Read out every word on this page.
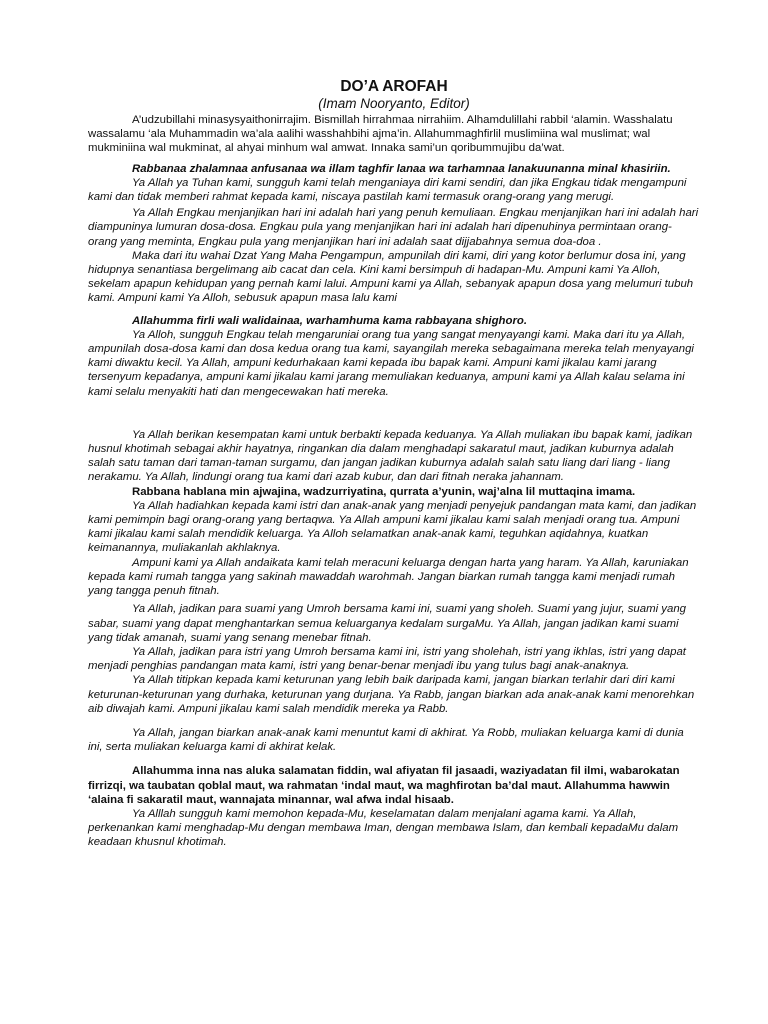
DO’A AROFAH

(Imam Nooryanto, Editor)

A’udzubillahi minasysyaithonirrajim. Bismillah hirrahmaa nirrahiim. Alhamdulillahi rabbil ‘alamin. Wasshalatu wassalamu ‘ala Muhammadin wa’ala aalihi wasshahbihi ajma’in. Allahummaghfirlil muslimiina wal muslimat; wal mukminiina wal mukminat, al ahyai minhum wal amwat. Innaka sami’un qoribummujibu da’wat.

Rabbanaa zhalamnaa anfusanaa wa illam taghfir lanaa wa tarhamnaa lanakuunanna minal khasiriin.

Ya Allah ya Tuhan kami, sungguh kami telah menganiaya diri kami sendiri, dan jika Engkau tidak mengampuni kami dan tidak memberi rahmat kepada kami, niscaya pastilah kami termasuk orang-orang yang merugi.

Ya Allah Engkau menjanjikan hari ini adalah hari yang penuh kemuliaan. Engkau menjanjikan hari ini adalah hari diampuninya lumuran dosa-dosa. Engkau pula yang menjanjikan hari ini adalah hari dipenuhinya permintaan orang-orang yang meminta, Engkau pula yang menjanjikan hari ini adalah saat dijjabahnya semua doa-doa .

Maka dari itu wahai Dzat Yang Maha Pengampun, ampunilah diri kami, diri yang kotor berlumur dosa ini, yang hidupnya senantiasa bergelimang aib cacat dan cela. Kini kami bersimpuh di hadapan-Mu. Ampuni kami Ya Alloh, sekelam apapun kehidupan yang pernah kami lalui. Ampuni kami ya Allah, sebanyak apapun dosa yang melumuri tubuh kami. Ampuni kami Ya Alloh, sebusuk apapun masa lalu kami

Allahumma firli wali walidainaa, warhamhuma kama rabbayana shighoro.

Ya Alloh, sungguh Engkau telah mengaruniai orang tua yang sangat menyayangi kami. Maka dari itu ya Allah, ampunilah dosa-dosa kami dan dosa kedua orang tua kami, sayangilah mereka sebagaimana mereka telah menyayangi kami diwaktu kecil. Ya Allah, ampuni kedurhakaan kami kepada ibu bapak kami. Ampuni kami jikalau kami jarang tersenyum kepadanya, ampuni kami jikalau kami jarang memuliakan keduanya, ampuni kami ya Allah kalau selama ini kami selalu menyakiti hati dan mengecewakan hati mereka.

Ya Allah berikan kesempatan kami untuk berbakti kepada keduanya. Ya Allah muliakan ibu bapak kami, jadikan husnul khotimah sebagai akhir hayatnya, ringankan dia dalam menghadapi sakaratul maut, jadikan kuburnya adalah salah satu taman dari taman-taman surgamu, dan jangan jadikan kuburnya adalah salah satu liang dari liang - liang nerakamu. Ya Allah, lindungi orang tua kami dari azab kubur, dan dari fitnah neraka jahannam.

Rabbana hablana min ajwajina, wadzurriyatina, qurrata a’yunin, waj’alna lil muttaqina imama.

Ya Allah hadiahkan kepada kami istri dan anak-anak yang menjadi penyejuk pandangan mata kami, dan jadikan kami pemimpin bagi orang-orang yang bertaqwa. Ya Allah ampuni kami jikalau kami salah menjadi orang tua. Ampuni kami jikalau kami salah mendidik keluarga. Ya Alloh selamatkan anak-anak kami, teguhkan aqidahnya, kuatkan keimanannya, muliakanlah akhlaknya.

Ampuni kami ya Allah andaikata kami telah meracuni keluarga dengan harta yang haram. Ya Allah, karuniakan kepada kami rumah tangga yang sakinah mawaddah warohmah. Jangan biarkan rumah tangga kami menjadi rumah yang tangga penuh fitnah.

Ya Allah, jadikan para suami yang Umroh bersama kami ini, suami yang sholeh. Suami yang jujur, suami yang sabar, suami yang dapat menghantarkan semua keluarganya kedalam surgaMu. Ya Allah, jangan jadikan kami suami yang tidak amanah, suami yang senang menebar fitnah.

Ya Allah, jadikan para istri yang Umroh bersama kami ini, istri yang sholehah, istri yang ikhlas, istri yang dapat menjadi penghias pandangan mata kami, istri yang benar-benar menjadi ibu yang tulus bagi anak-anaknya.

Ya Allah titipkan kepada kami keturunan yang lebih baik daripada kami, jangan biarkan terlahir dari diri kami keturunan-keturunan yang durhaka, keturunan yang durjana. Ya Rabb, jangan biarkan ada anak-anak kami menorehkan aib diwajah kami. Ampuni jikalau kami salah mendidik mereka ya Rabb.

Ya Allah, jangan biarkan anak-anak kami menuntut kami di akhirat. Ya Robb, muliakan keluarga kami di dunia ini, serta muliakan keluarga kami di akhirat kelak.

Allahumma inna nas aluka salamatan fiddin, wal afiyatan fil jasaadi, waziyadatan fil ilmi, wabarokatan firrizqi, wa taubatan qoblal maut, wa rahmatan ‘indal maut, wa maghfirotan ba’dal maut. Allahumma hawwin ‘alaina fi sakaratil maut, wannajata minannar, wal afwa indal hisaab.

Ya Alllah sungguh kami memohon kepada-Mu, keselamatan dalam menjalani agama kami. Ya Allah, perkenankan kami menghadap-Mu dengan membawa Iman, dengan membawa Islam, dan kembali kepadaMu dalam keadaan khusnul khotimah.
